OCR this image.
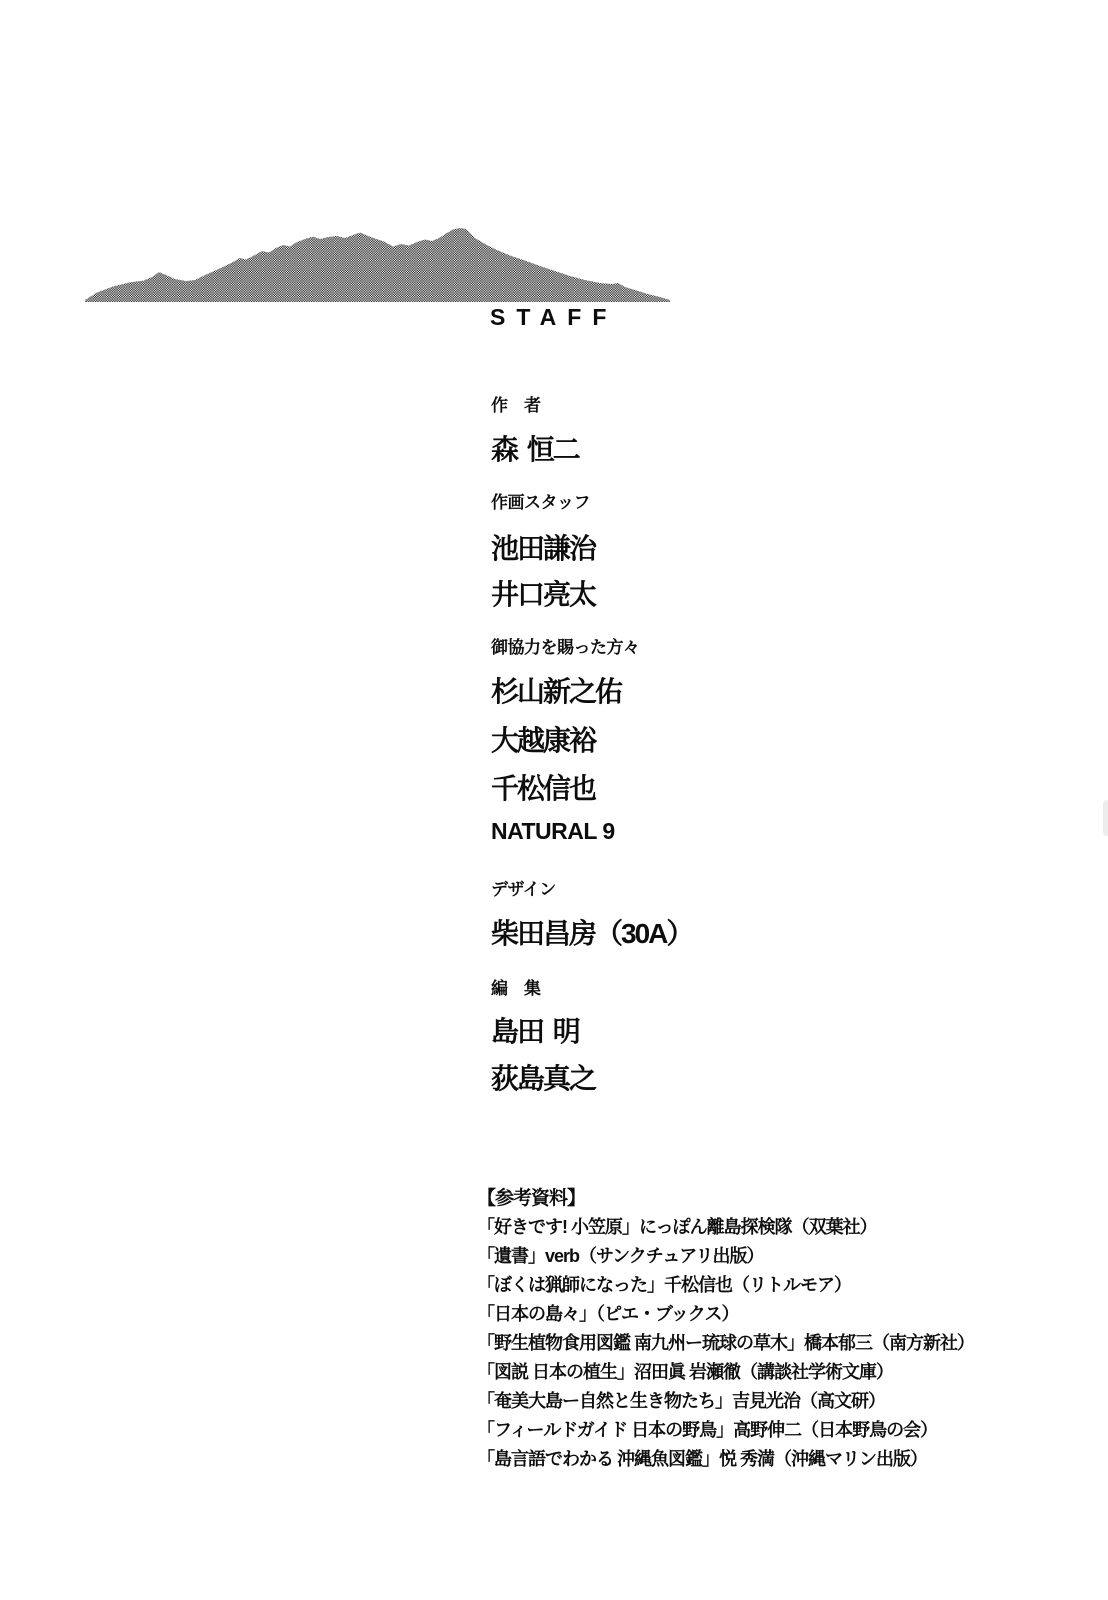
STAFF
作　者
森 恒二
作画スタッフ
池田謙治
井口亮太
御協力を賜った方々
杉山新之佑
大越康裕
千松信也
NATURAL 9
デザイン
柴田昌房（30A）
編　集
島田 明
荻島真之
【参考資料】
「好きです! 小笠原」にっぽん離島探検隊（双葉社）
「遺書」verb（サンクチュアリ出版）
「ぼくは猟師になった」千松信也（リトルモア）
「日本の島々」（ピエ・ブックス）
「野生植物食用図鑑 南九州ー琉球の草木」橋本郁三（南方新社）
「図説 日本の植生」沼田眞 岩瀬徹（講談社学術文庫）
「奄美大島ー自然と生き物たち」吉見光治（高文研）
「フィールドガイド 日本の野鳥」高野伸二（日本野鳥の会）
「島言語でわかる 沖縄魚図鑑」悦 秀満（沖縄マリン出版）
